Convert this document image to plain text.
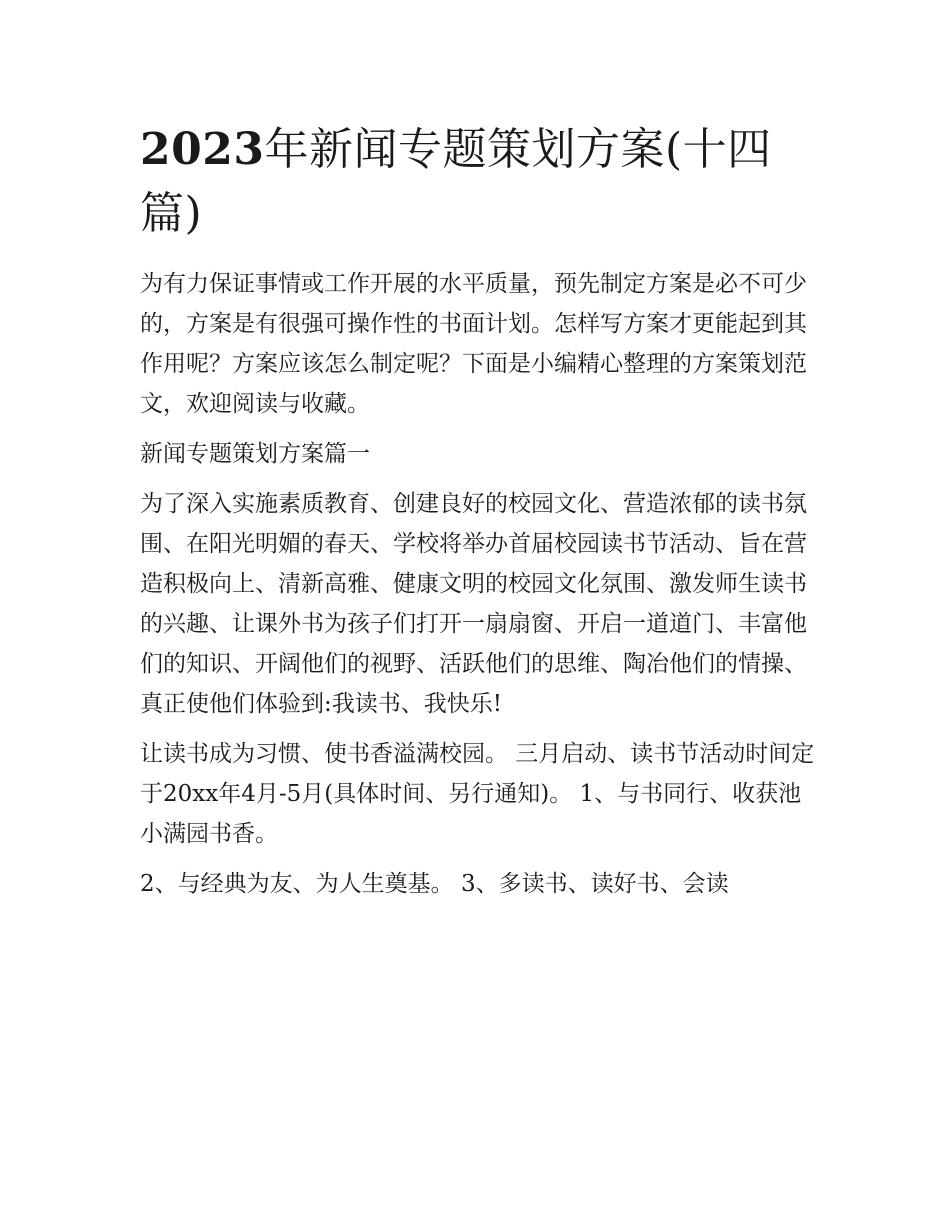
2023年新闻专题策划方案(十四篇)

为有力保证事情或工作开展的水平质量，预先制定方案是必不可少的，方案是有很强可操作性的书面计划。怎样写方案才更能起到其作用呢？方案应该怎么制定呢？下面是小编精心整理的方案策划范文，欢迎阅读与收藏。

新闻专题策划方案篇一

为了深入实施素质教育、创建良好的校园文化、营造浓郁的读书氛围、在阳光明媚的春天、学校将举办首届校园读书节活动、旨在营造积极向上、清新高雅、健康文明的校园文化氛围、激发师生读书的兴趣、让课外书为孩子们打开一扇扇窗、开启一道道门、丰富他们的知识、开阔他们的视野、活跃他们的思维、陶冶他们的情操、真正使他们体验到:我读书、我快乐!

让读书成为习惯、使书香溢满校园。 三月启动、读书节活动时间定于20xx年4月-5月(具体时间、另行通知)。 1、与书同行、收获池小满园书香。

2、与经典为友、为人生奠基。 3、多读书、读好书、会读
